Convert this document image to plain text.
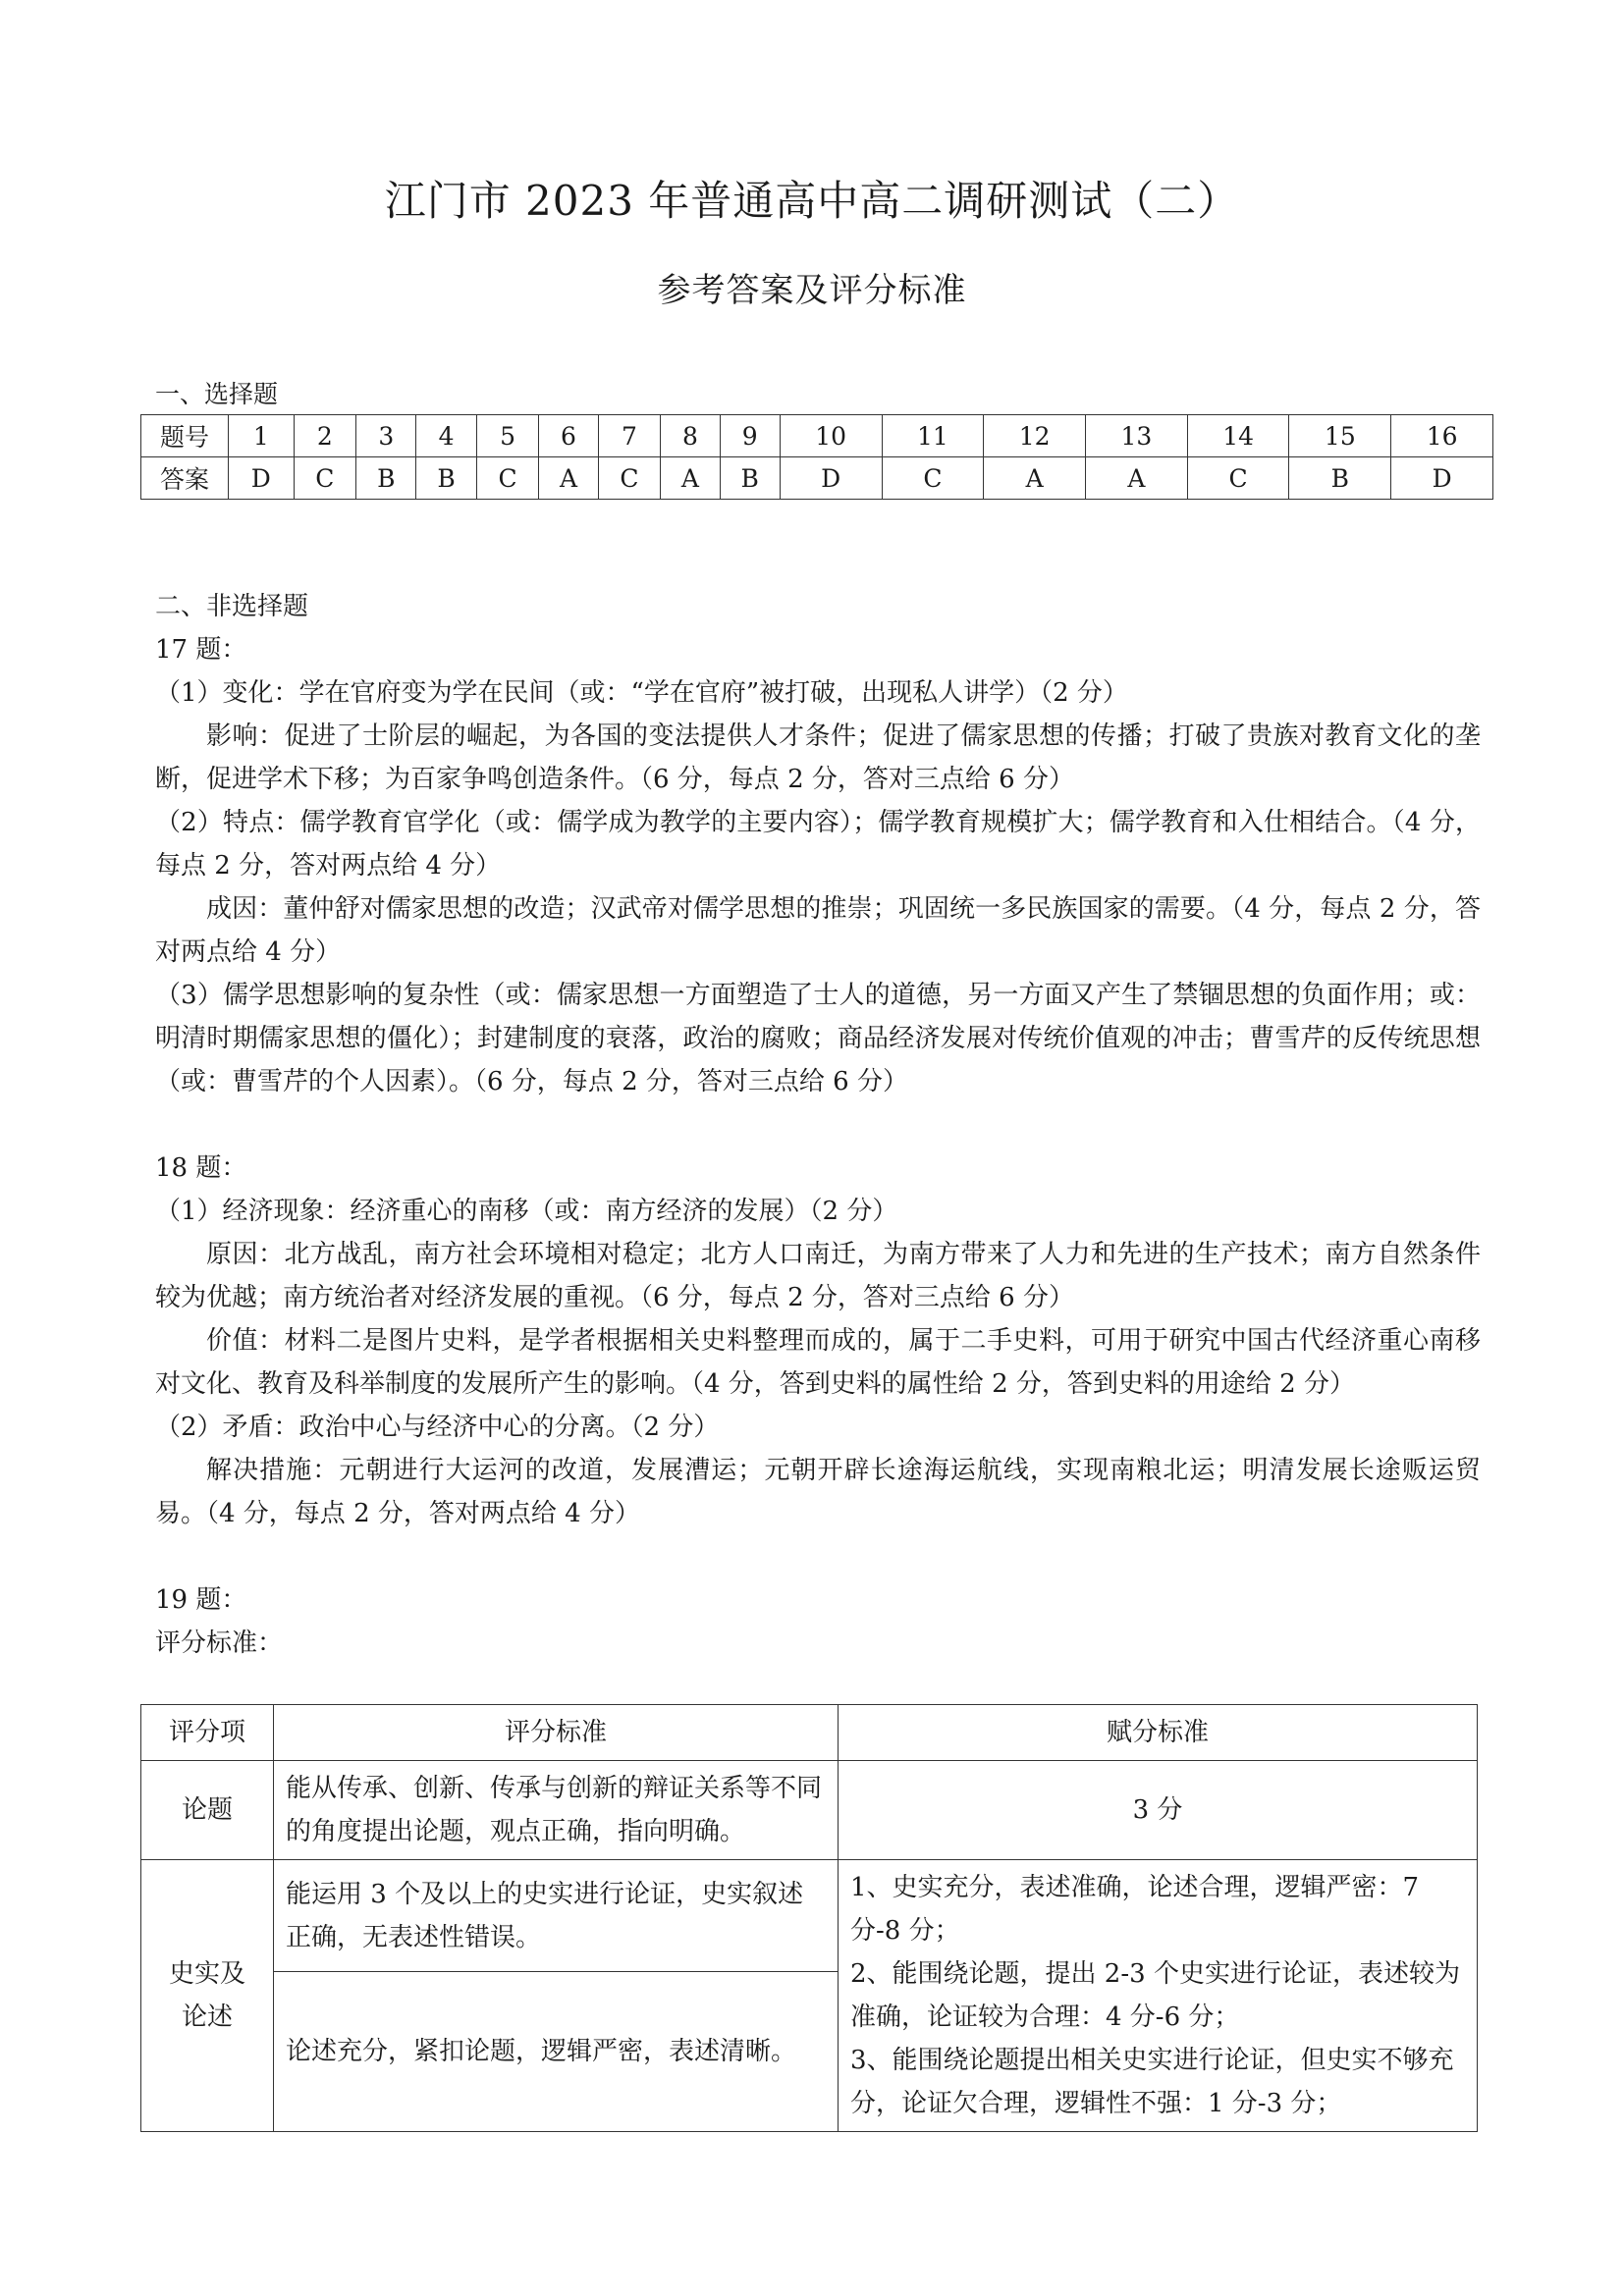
江门市 2023 年普通高中高二调研测试（二）
参考答案及评分标准
一、选择题
题号	1	2	3	4	5	6	7	8	9	10	11	12	13	14	15	16
答案	D	C	B	B	C	A	C	A	B	D	C	A	A	C	B	D

二、非选择题

17 题：

（1）变化：学在官府变为学在民间（或：“学在官府”被打破，出现私人讲学）（2 分）

影响：促进了士阶层的崛起，为各国的变法提供人才条件；促进了儒家思想的传播；打破了贵族对教育文化的垄断，促进学术下移；为百家争鸣创造条件。（6 分，每点 2 分，答对三点给 6 分）

（2）特点：儒学教育官学化（或：儒学成为教学的主要内容）；儒学教育规模扩大；儒学教育和入仕相结合。（4 分，每点 2 分，答对两点给 4 分）

成因：董仲舒对儒家思想的改造；汉武帝对儒学思想的推崇；巩固统一多民族国家的需要。（4 分，每点 2 分，答对两点给 4 分）

（3）儒学思想影响的复杂性（或：儒家思想一方面塑造了士人的道德，另一方面又产生了禁锢思想的负面作用；或：明清时期儒家思想的僵化）；封建制度的衰落，政治的腐败；商品经济发展对传统价值观的冲击；曹雪芹的反传统思想（或：曹雪芹的个人因素）。（6 分，每点 2 分，答对三点给 6 分）

18 题：

（1）经济现象：经济重心的南移（或：南方经济的发展）（2 分）

原因：北方战乱，南方社会环境相对稳定；北方人口南迁，为南方带来了人力和先进的生产技术；南方自然条件较为优越；南方统治者对经济发展的重视。（6 分，每点 2 分，答对三点给 6 分）

价值：材料二是图片史料，是学者根据相关史料整理而成的，属于二手史料，可用于研究中国古代经济重心南移对文化、教育及科举制度的发展所产生的影响。（4 分，答到史料的属性给 2 分，答到史料的用途给 2 分）

（2）矛盾：政治中心与经济中心的分离。（2 分）

解决措施：元朝进行大运河的改道，发展漕运；元朝开辟长途海运航线，实现南粮北运；明清发展长途贩运贸易。（4 分，每点 2 分，答对两点给 4 分）

19 题：

评分标准：

评分项	评分标准	赋分标准
论题	能从传承、创新、传承与创新的辩证关系等不同的角度提出论题，观点正确，指向明确。	3 分
史实及论述	能运用 3 个及以上的史实进行论证，史实叙述正确，无表述性错误。	1、史实充分，表述准确，论述合理，逻辑严密：7 分-8 分；
2、能围绕论题，提出 2-3 个史实进行论证，表述较为准确，论证较为合理：4 分-6 分；
3、能围绕论题提出相关史实进行论证，但史实不够充分，论证欠合理，逻辑性不强：1 分-3 分；

	论述充分，紧扣论题，逻辑严密，表述清晰。	
